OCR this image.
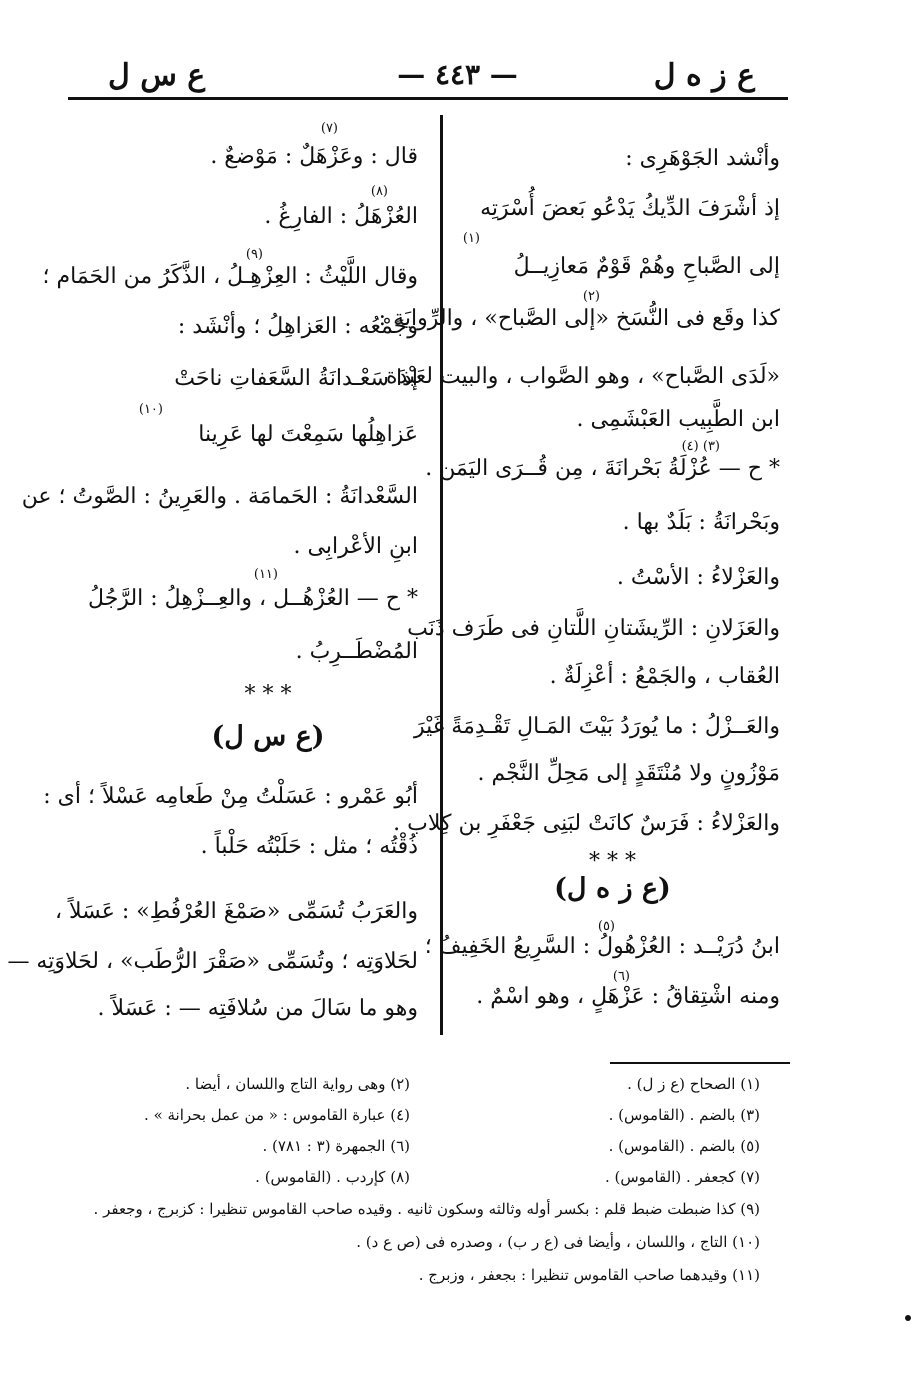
ع ز ه ل
— ٤٤٣ —
ع س ل
وأنْشد الجَوْهَرِى :
إذ أشْرَفَ الدِّيكُ يَدْعُو بَعضَ أُسْرَتِه
(١)
إلى الصَّباحِ وهُمْ قَوْمٌ مَعازِيــلُ
(٢)
كذا وقَع فى النُّسَخ «إلى الصَّباح» ، والرِّوايَة :
«لَدَى الصَّباح» ، وهو الصَّواب ، والبيت لعَبْدَة
ابن الطَّبِيب العَبْشَمِى .
(٣) (٤)
* ح — عُزْلَةُ بَحْرانَةَ ، مِن قُــرَى اليَمَن .
وبَحْرانَةُ : بَلَدٌ بها .
والعَزْلاءُ : الأسْتُ .
والعَزَلانِ : الرِّيشَتانِ اللَّتانِ فى طَرَف ذَنَب
العُقاب ، والجَمْعُ : أعْزِلَةٌ .
والعَــزْلُ : ما يُورَدُ بَيْتَ المَـالِ تَقْـدِمَةً غَيْرَ
مَوْزُونٍ ولا مُنْتَقَدٍ إلى مَحِلِّ النَّجْم .
والعَزْلاءُ : فَرَسٌ كانَتْ لبَنِى جَعْفَرِ بن كِلاب .
* * *
(ع ز ه ل)
(٥)
ابنُ دُرَيْــد : العُزْهُولُ : السَّرِيعُ الخَفِيفُ ؛
(٦)
ومنه اشْتِقاقُ : عَزْهَلٍ ، وهو اسْمٌ .
(٧)
قال : وعَزْهَلٌ : مَوْضعٌ .
(٨)
العُزْهَلُ : الفارِغُ .
(٩)
وقال اللَّيْثُ : العِزْهِـلُ ، الذَّكَرُ من الحَمَام ؛
وجَمْعُه : العَزاهِلُ ؛ وأنْشَد :
إذا سَعْـدانَةُ السَّعَفاتِ ناحَتْ
(١٠)
عَزاهِلُها سَمِعْتَ لها عَرِينا
السَّعْدانَةُ : الحَمامَة . والعَرِينُ : الصَّوتُ ؛ عن
ابنِ الأعْرابِى .
(١١)
* ح — العُزْهُــل ، والعِــزْهِلُ : الرَّجُلُ
المُضْطَــرِبُ .
* * *
(ع س ل)
أبُو عَمْرو : عَسَلْتُ مِنْ طَعامِه عَسْلاً ؛ أى :
ذُقْتُه ؛ مثل : حَلَبْتُه حَلْباً .
والعَرَبُ تُسَمِّى «صَمْغَ العُرْفُطِ» : عَسَلاً ،
لحَلاوَتِه ؛ وتُسَمِّى «صَقْرَ الرُّطَب» ، لحَلاوَتِه —
وهو ما سَالَ من سُلافَتِه — : عَسَلاً .
(١) الصحاح (ع ز ل) .
(٣) بالضم . (القاموس) .
(٥) بالضم . (القاموس) .
(٧) كجعفر . (القاموس) .
(٢) وهى رواية التاج واللسان ، أيضا .
(٤) عبارة القاموس : « من عمل بحرانة » .
(٦) الجمهرة (٣ : ٧٨١) .
(٨) كإردب . (القاموس) .
(٩) كذا ضبطت ضبط قلم : بكسر أوله وثالثه وسكون ثانيه . وقيده صاحب القاموس تنظيرا : كزبرج ، وجعفر .
(١٠) التاج ، واللسان ، وأيضا فى (ع ر ب) ، وصدره فى (ص ع د) .
(١١) وقيدهما صاحب القاموس تنظيرا : بجعفر ، وزبرج .
